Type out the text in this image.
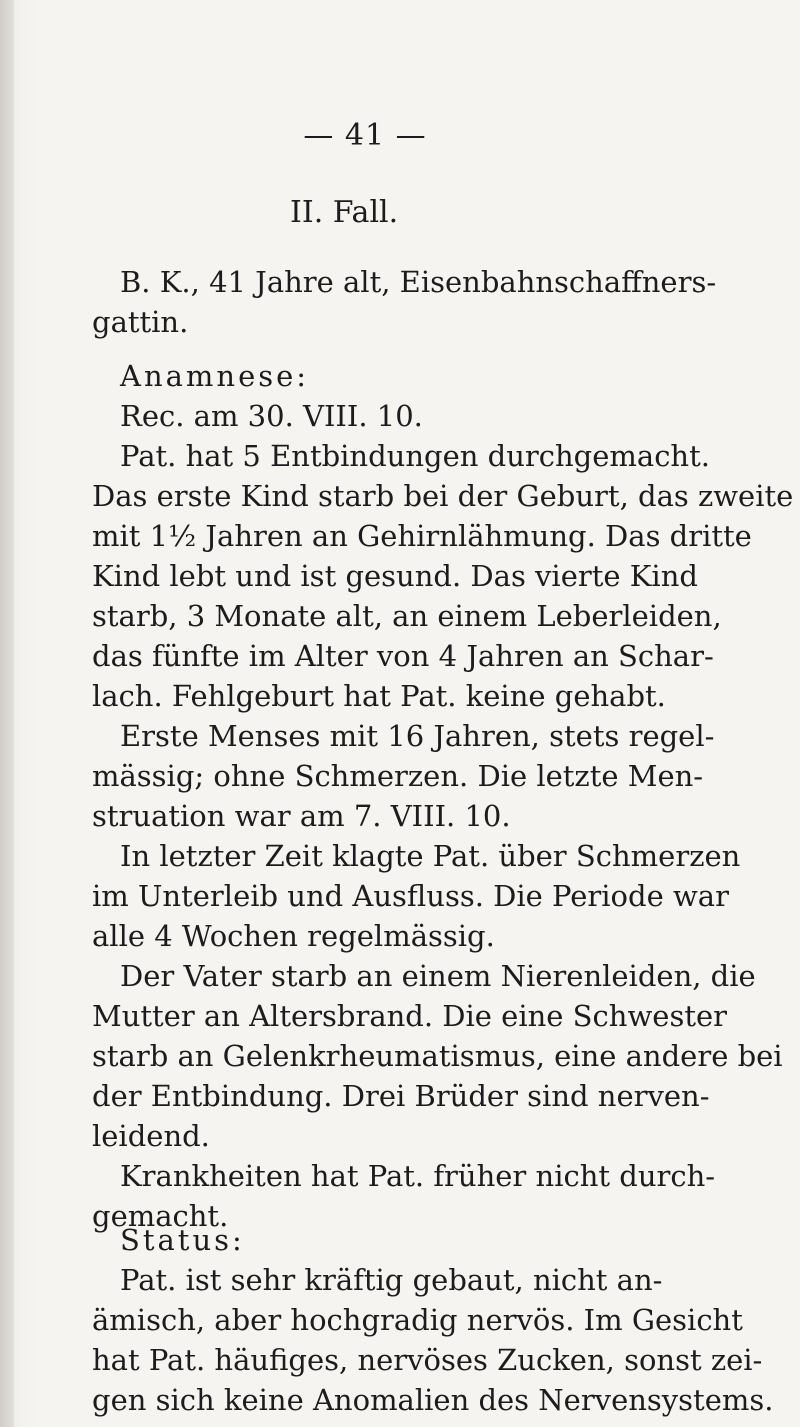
— 41 —
II. Fall.
B. K., 41 Jahre alt, Eisenbahnschaffners-
gattin.
Anamnese:
Rec. am 30. VIII. 10.
Pat. hat 5 Entbindungen durchgemacht.
Das erste Kind starb bei der Geburt, das zweite
mit 1½ Jahren an Gehirnlähmung. Das dritte
Kind lebt und ist gesund. Das vierte Kind
starb, 3 Monate alt, an einem Leberleiden,
das fünfte im Alter von 4 Jahren an Schar-
lach. Fehlgeburt hat Pat. keine gehabt.
Erste Menses mit 16 Jahren, stets regel-
mässig; ohne Schmerzen. Die letzte Men-
struation war am 7. VIII. 10.
In letzter Zeit klagte Pat. über Schmerzen
im Unterleib und Ausfluss. Die Periode war
alle 4 Wochen regelmässig.
Der Vater starb an einem Nierenleiden, die
Mutter an Altersbrand. Die eine Schwester
starb an Gelenkrheumatismus, eine andere bei
der Entbindung. Drei Brüder sind nerven-
leidend.
Krankheiten hat Pat. früher nicht durch-
gemacht.
Status:
Pat. ist sehr kräftig gebaut, nicht an-
ämisch, aber hochgradig nervös. Im Gesicht
hat Pat. häufiges, nervöses Zucken, sonst zei-
gen sich keine Anomalien des Nervensystems.
